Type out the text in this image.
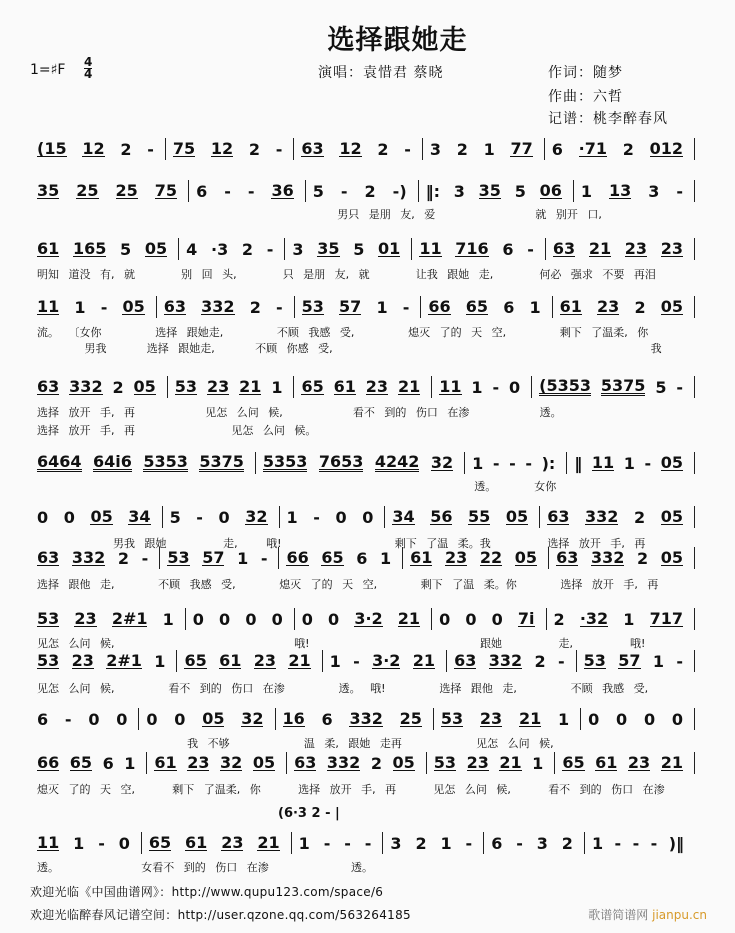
选择跟她走
1=♯F 4
4	演唱：袁惜君 蔡晓	作词：随梦
作曲：六哲
记谱：桃李醉春风
(15 12 2 - 75 12 2 - 63 12 2 - 3 2 1 77 6 ·71 2 012
35 25 25 75 6 - - 36 5 - 2 -) ‖: 3 35 5 06 1 13 3 -
男只 是朋 友, 爱	就 别开 口,
61 165 5 05 4 ·3 2 - 3 35 5 01 11 716 6 - 63 21 23 23
明知 道没 有, 就	别 回 头,	只 是朋 友, 就	让我 跟她 走,	何必 强求 不要 再泪
11 1 - 05 63 332 2 - 53 57 1 - 66 65 6 1 61 23 2 05
流。 〔女你	选择 跟她走,	不顾 我感 受,	熄灭 了的 天 空,	剩下 了温柔, 你
男我	选择 跟她走,	不顾 你感 受,	我
63 332 2 05 53 23 21 1 65 61 23 21 11 1 - 0 (5353 5375 5 -
选择 放开 手, 再	见怎 么问 候,	看不 到的 伤口 在渗	透。
选择 放开 手, 再	见怎 么问 候。
6464 64i6 5353 5375 5353 7653 4242 32 1 - - - ): ‖ 11 1 - 05
透。    女你
0 0 05 34 5 - 0 32 1 - 0 0 34 56 55 05 63 332 2 05
男我 跟她	走,   哦!	剩下 了温 柔。我	选择 放开 手, 再
63 332 2 - 53 57 1 - 66 65 6 1 61 23 22 05 63 332 2 05
选择 跟他 走,	不顾 我感 受,	熄灭 了的 天 空,	剩下 了温 柔。你	选择 放开 手, 再
53 23 2#1 1 0 0 0 0 0 0 3·2 21 0 0 0 7i 2 ·32 1 717
见怎 么问 候,	哦!	跟她	走,      哦!
53 23 2#1 1 65 61 23 21 1 - 3·2 21 63 332 2 - 53 57 1 -
见怎 么问 候,	看不 到的 伤口 在渗	透。 哦!	选择 跟他 走,	不顾 我感 受,
6 - 0 0 0 0 05 32 16 6 332 25 53 23 21 1 0 0 0 0
我 不够	温 柔, 跟她 走再	见怎 么问 候,
66 65 6 1 61 23 32 05 63 332 2 05 53 23 21 1 65 61 23 21
熄灭 了的 天 空,	剩下 了温柔, 你	选择 放开 手, 再	见怎 么问 候,	看不 到的 伤口 在渗
11 1 - 0 65 61 23 21 1 - - - 3 2 1 - 6 - 3 2 1 - - - )‖
透。	女看不 到的 伤口 在渗	透。
(6·3 2 - |
欢迎光临《中国曲谱网》：http://www.qupu123.com/space/6
欢迎光临醉春风记谱空间：http://user.qzone.qq.com/563264185	歌谱简谱网 jianpu.cn
